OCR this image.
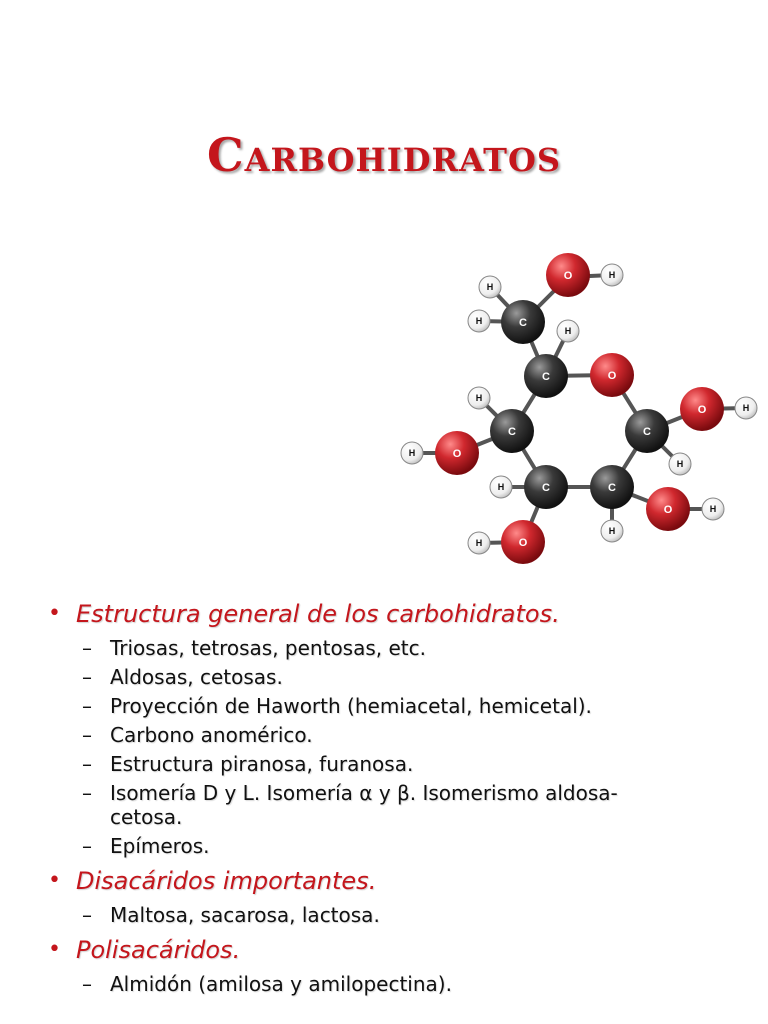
Carbohidratos
C
C
C
C
C
C
O
O
O
O
O
O
H
H
H
H
H
H
H
H
H
H
H
H
• Estructura general de los carbohidratos.
– Triosas, tetrosas, pentosas, etc.
– Aldosas, cetosas.
– Proyección de Haworth (hemiacetal, hemicetal).
– Carbono anomérico.
– Estructura piranosa, furanosa.
– Isomería D y L. Isomería α y β. Isomerismo aldosa-cetosa.
– Epímeros.
• Disacáridos importantes.
– Maltosa, sacarosa, lactosa.
• Polisacáridos.
– Almidón (amilosa y amilopectina).
